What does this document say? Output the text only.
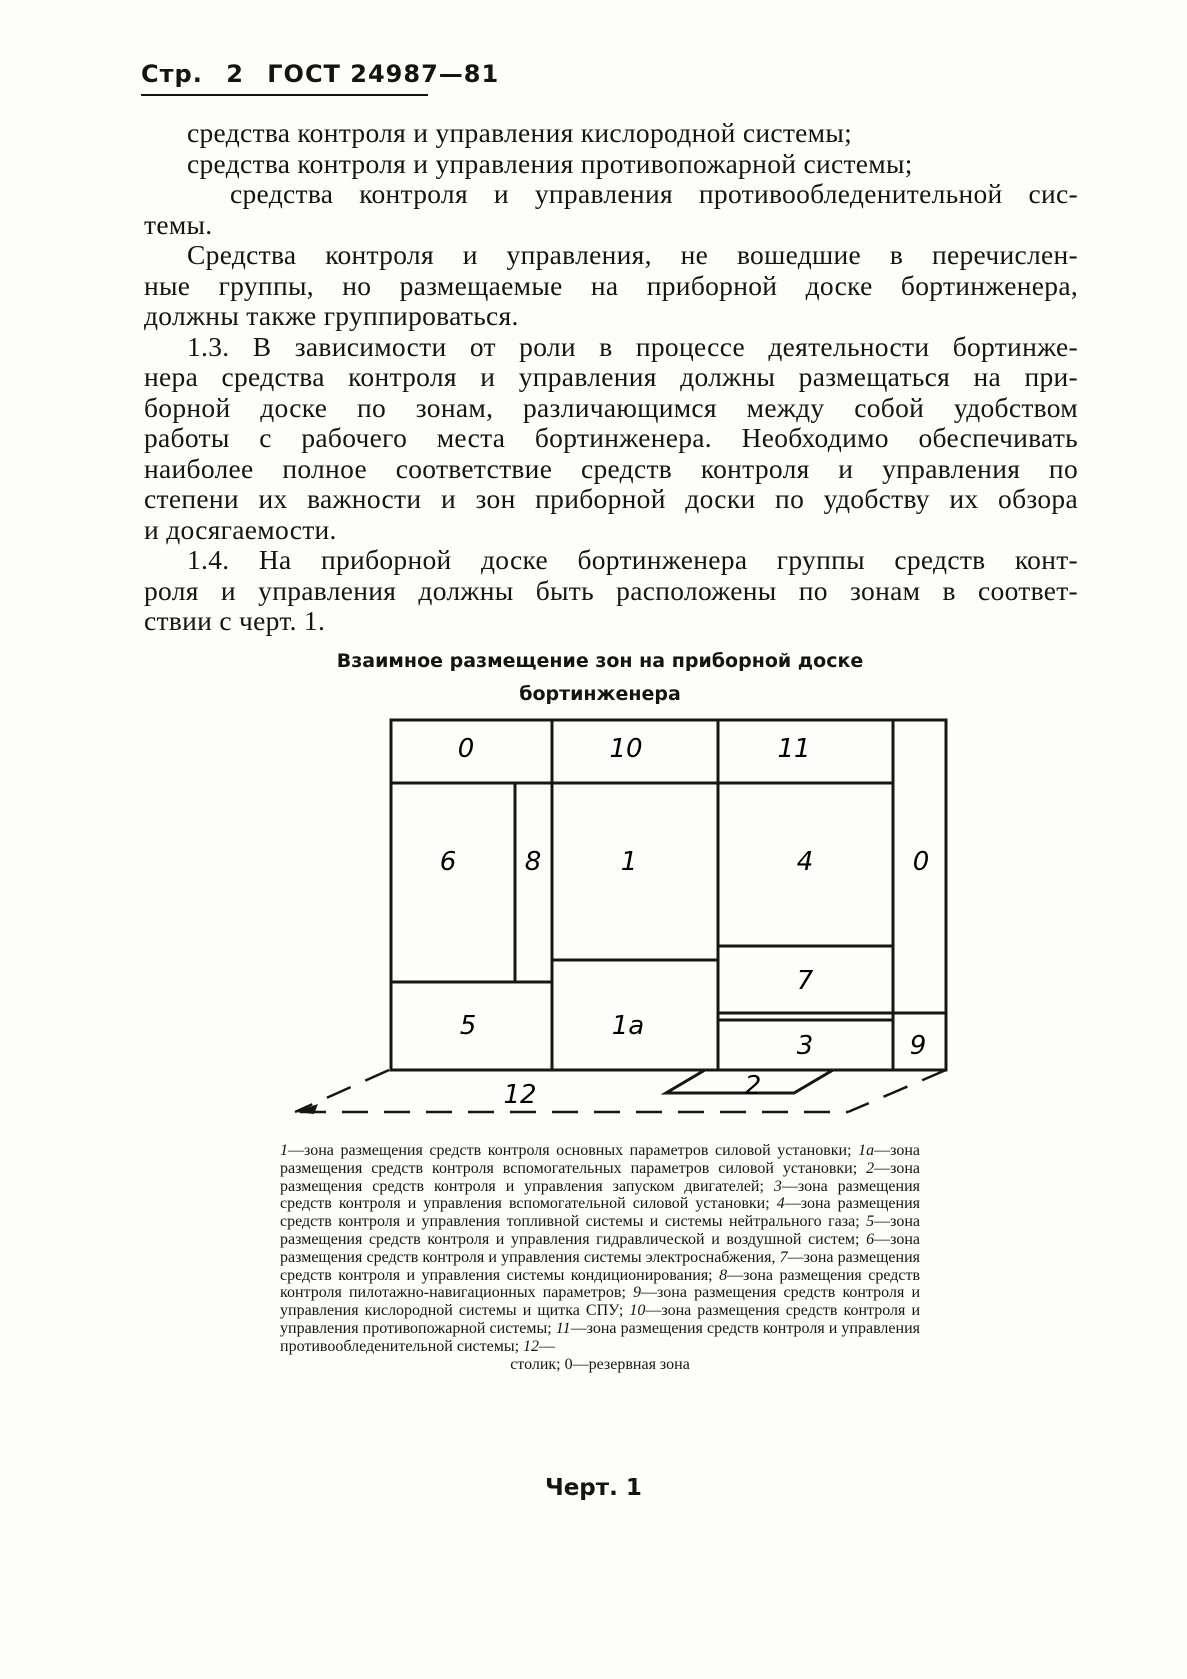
Стр. 2 ГОСТ 24987—81

средства контроля и управления кислородной системы;

средства контроля и управления противопожарной системы;

средства контроля и управления противообледенительной сис-
темы.

Средства контроля и управления, не вошедшие в перечислен-
ные группы, но размещаемые на приборной доске бортинженера,
должны также группироваться.

1.3. В зависимости от роли в процессе деятельности бортинже-
нера средства контроля и управления должны размещаться на при-
борной доске по зонам, различающимся между собой удобством
работы с рабочего места бортинженера. Необходимо обеспечивать
наиболее полное соответствие средств контроля и управления по
степени их важности и зон приборной доски по удобству их обзора
и досягаемости.

1.4. На приборной доске бортинженера группы средств конт-
роля и управления должны быть расположены по зонам в соответ-
ствии с черт. 1.

Взаимное размещение зон на приборной доске
бортинженера
0	10	11
6	8	1	4	0
7
5	1а
3	9
12	2
1—зона размещения средств контроля основных параметров силовой установки; 1а—зона размещения средств контроля вспомогательных параметров силовой установки; 2—зона размещения средств контроля и управления запуском двигателей; 3—зона размещения средств контроля и управления вспомогательной силовой установки; 4—зона размещения средств контроля и управления топливной системы и системы нейтрального газа; 5—зона размещения средств контроля и управления гидравлической и воздушной систем; 6—зона размещения средств контроля и управления системы электроснабжения, 7—зона размещения средств контроля и управления системы кондиционирования; 8—зона размещения средств контроля пилотажно-навигационных параметров; 9—зона размещения средств контроля и управления кислородной системы и щитка СПУ; 10—зона размещения средств контроля и управления противопожарной системы; 11—зона размещения средств контроля и управления противообледенительной системы; 12—
столик; 0—резервная зона
Черт. 1
